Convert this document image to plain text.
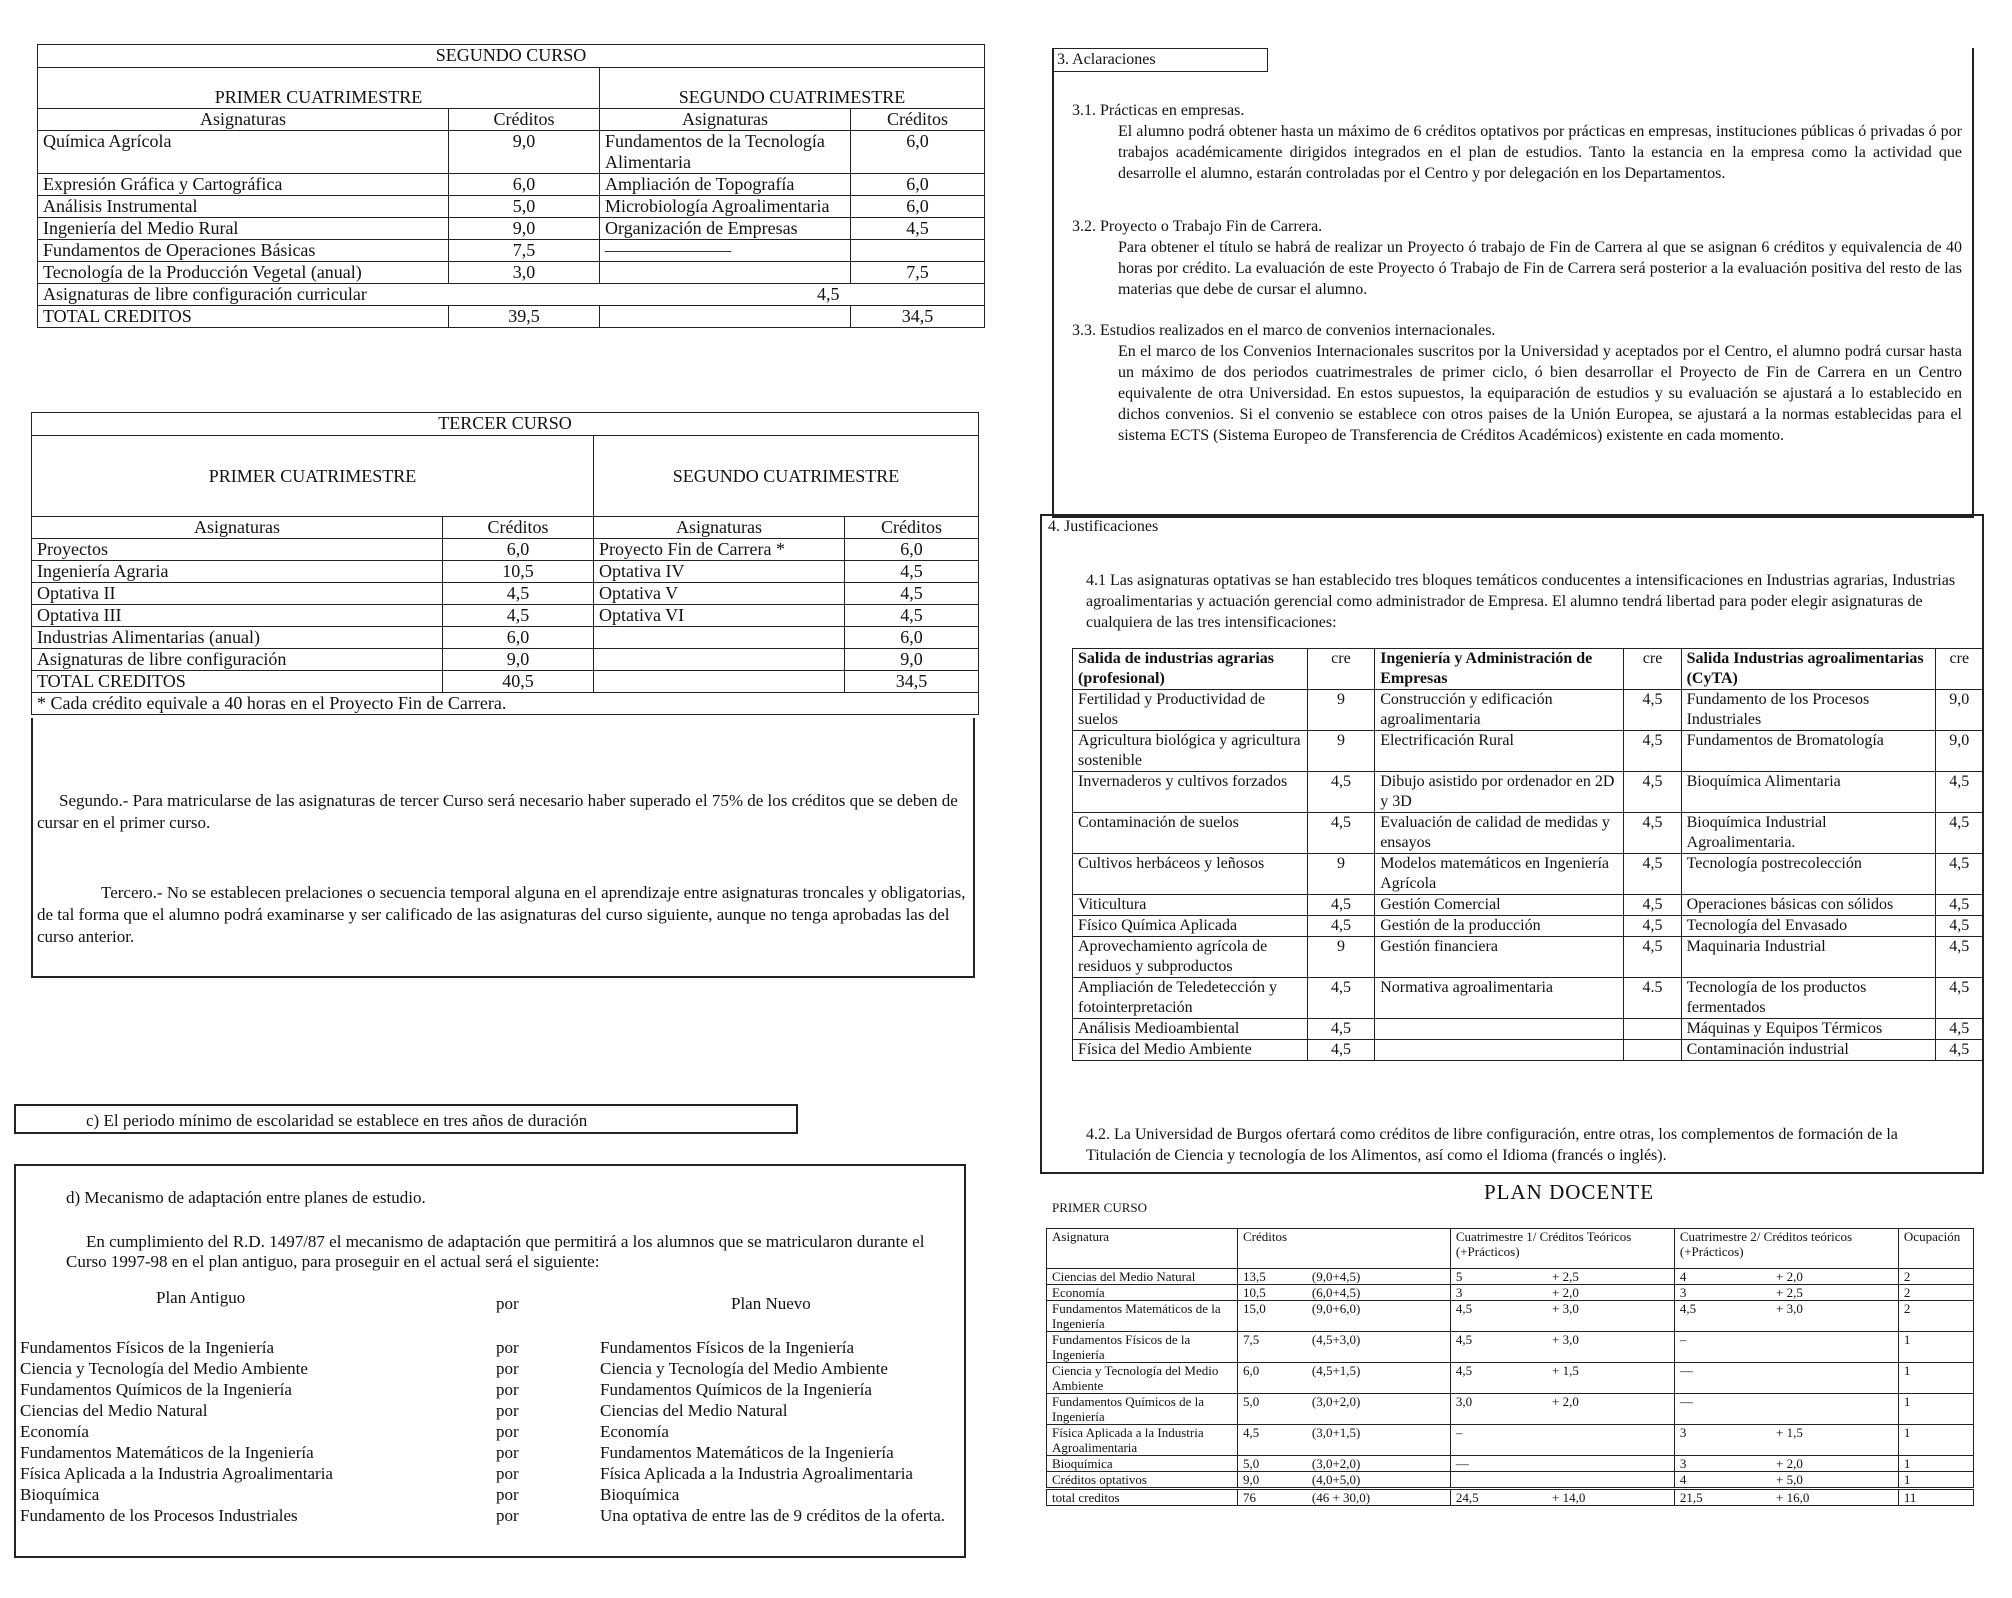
SEGUNDO CURSO			
PRIMER CUATRIMESTRE		SEGUNDO CUATRIMESTRE	
Asignaturas	Créditos	Asignaturas	Créditos
Química Agrícola	9,0	Fundamentos de la Tecnología Alimentaria	6,0
Expresión Gráfica y Cartográfica	6,0	Ampliación de Topografía	6,0
Análisis Instrumental	5,0	Microbiología Agroalimentaria	6,0
Ingeniería del Medio Rural	9,0	Organización de Empresas	4,5
Fundamentos de Operaciones Básicas	7,5	———————	
Tecnología de la Producción Vegetal (anual)	3,0		7,5
Asignaturas de libre configuración curricular 4,5			

TOTAL CREDITOS	39,5		34,5
TERCER CURSO			
PRIMER CUATRIMESTRE		SEGUNDO CUATRIMESTRE	
Asignaturas	Créditos	Asignaturas	Créditos
Proyectos	6,0	Proyecto Fin de Carrera *	6,0
Ingeniería Agraria	10,5	Optativa IV	4,5
Optativa II	4,5	Optativa V	4,5
Optativa III	4,5	Optativa VI	4,5
Industrias Alimentarias (anual)	6,0		6,0
Asignaturas de libre configuración	9,0		9,0
TOTAL CREDITOS	40,5		34,5
* Cada crédito equivale a 40 horas en el Proyecto Fin de Carrera.			

Segundo.- Para matricularse de las asignaturas de tercer Curso será necesario haber superado el 75% de los créditos que se deben de cursar en el primer curso.

Tercero.- No se establecen prelaciones o secuencia temporal alguna en el aprendizaje entre asignaturas troncales y obligatorias, de tal forma que el alumno podrá examinarse y ser calificado de las asignaturas del curso siguiente, aunque no tenga aprobadas las del curso anterior.

c) El periodo mínimo de escolaridad se establece en tres años de duración

d) Mecanismo de adaptación entre planes de estudio.

En cumplimiento del R.D. 1497/87 el mecanismo de adaptación que permitirá a los alumnos que se matricularon durante el Curso 1997-98 en el plan antiguo, para proseguir en el actual será el siguiente:

Plan Antiguo	por	Plan Nuevo
Fundamentos Físicos de la Ingeniería	por	Fundamentos Físicos de la Ingeniería
Ciencia y Tecnología del Medio Ambiente	por	Ciencia y Tecnología del Medio Ambiente
Fundamentos Químicos de la Ingeniería	por	Fundamentos Químicos de la Ingeniería
Ciencias del Medio Natural	por	Ciencias del Medio Natural
Economía	por	Economía
Fundamentos Matemáticos de la Ingeniería	por	Fundamentos Matemáticos de la Ingeniería
Física Aplicada a la Industria Agroalimentaria	por	Física Aplicada a la Industria Agroalimentaria
Bioquímica	por	Bioquímica
Fundamento de los Procesos Industriales	por	Una optativa de entre las de 9 créditos de la oferta.
3. Aclaraciones

3.1. Prácticas en empresas.

El alumno podrá obtener hasta un máximo de 6 créditos optativos por prácticas en empresas, instituciones públicas ó privadas ó por trabajos académicamente dirigidos integrados en el plan de estudios. Tanto la estancia en la empresa como la actividad que desarrolle el alumno, estarán controladas por el Centro y por delegación en los Departamentos.

3.2. Proyecto o Trabajo Fin de Carrera.

Para obtener el título se habrá de realizar un Proyecto ó trabajo de Fin de Carrera al que se asignan 6 créditos y equivalencia de 40 horas por crédito. La evaluación de este Proyecto ó Trabajo de Fin de Carrera será posterior a la evaluación positiva del resto de las materias que debe de cursar el alumno.

3.3. Estudios realizados en el marco de convenios internacionales.

En el marco de los Convenios Internacionales suscritos por la Universidad y aceptados por el Centro, el alumno podrá cursar hasta un máximo de dos periodos cuatrimestrales de primer ciclo, ó bien desarrollar el Proyecto de Fin de Carrera en un Centro equivalente de otra Universidad. En estos supuestos, la equiparación de estudios y su evaluación se ajustará a lo establecido en dichos convenios. Si el convenio se establece con otros paises de la Unión Europea, se ajustará a la normas establecidas para el sistema ECTS (Sistema Europeo de Transferencia de Créditos Académicos) existente en cada momento.

4. Justificaciones

4.1 Las asignaturas optativas se han establecido tres bloques temáticos conducentes a intensificaciones en Industrias agrarias, Industrias agroalimentarias y actuación gerencial como administrador de Empresa. El alumno tendrá libertad para poder elegir asignaturas de cualquiera de las tres intensificaciones:

Salida de industrias agrarias (profesional)	cre	Ingeniería y Administración de Empresas	cre	Salida Industrias agroalimentarias (CyTA)	cre
Fertilidad y Productividad de suelos	9	Construcción y edificación agroalimentaria	4,5	Fundamento de los Procesos Industriales	9,0
Agricultura biológica y agricultura sostenible	9	Electrificación Rural	4,5	Fundamentos de Bromatología	9,0
Invernaderos y cultivos forzados	4,5	Dibujo asistido por ordenador en 2D y 3D	4,5	Bioquímica Alimentaria	4,5
Contaminación de suelos	4,5	Evaluación de calidad de medidas y ensayos	4,5	Bioquímica Industrial Agroalimentaria.	4,5
Cultivos herbáceos y leñosos	9	Modelos matemáticos en Ingeniería Agrícola	4,5	Tecnología postrecolección	4,5
Viticultura	4,5	Gestión Comercial	4,5	Operaciones básicas con sólidos	4,5
Físico Química Aplicada	4,5	Gestión de la producción	4,5	Tecnología del Envasado	4,5
Aprovechamiento agrícola de residuos y subproductos	9	Gestión financiera	4,5	Maquinaria Industrial	4,5
Ampliación de Teledetección y fotointerpretación	4,5	Normativa agroalimentaria	4.5	Tecnología de los productos fermentados	4,5
Análisis Medioambiental	4,5			Máquinas y Equipos Térmicos	4,5
Física del Medio Ambiente	4,5			Contaminación industrial	4,5

4.2. La Universidad de Burgos ofertará como créditos de libre configuración, entre otras, los complementos de formación de la Titulación de Ciencia y tecnología de los Alimentos, así como el Idioma (francés o inglés).

PLAN DOCENTE
PRIMER CURSO
Asignatura	Créditos		Cuatrimestre 1/ Créditos Teóricos (+Prácticos)		Cuatrimestre 2/ Créditos teóricos (+Prácticos)		Ocupación
Ciencias del Medio Natural	13,5	(9,0+4,5)	5	+ 2,5	4	+ 2,0	2
Economía	10,5	(6,0+4,5)	3	+ 2,0	3	+ 2,5	2
Fundamentos Matemáticos de la Ingeniería	15,0	(9,0+6,0)	4,5	+ 3,0	4,5	+ 3,0	2
Fundamentos Físicos de la Ingeniería	7,5	(4,5+3,0)	4,5	+ 3,0	–		1
Ciencia y Tecnología del Medio Ambiente	6,0	(4,5+1,5)	4,5	+ 1,5	—		1
Fundamentos Químicos de la Ingeniería	5,0	(3,0+2,0)	3,0	+ 2,0	—		1
Física Aplicada a la Industria Agroalimentaria	4,5	(3,0+1,5)	–		3	+ 1,5	1
Bioquímica	5,0	(3,0+2,0)	—		3	+ 2,0	1
Créditos optativos	9,0	(4,0+5,0)			4	+ 5,0	1
total creditos	76	(46 + 30,0)	24,5	+ 14,0	21,5	+ 16,0	11
